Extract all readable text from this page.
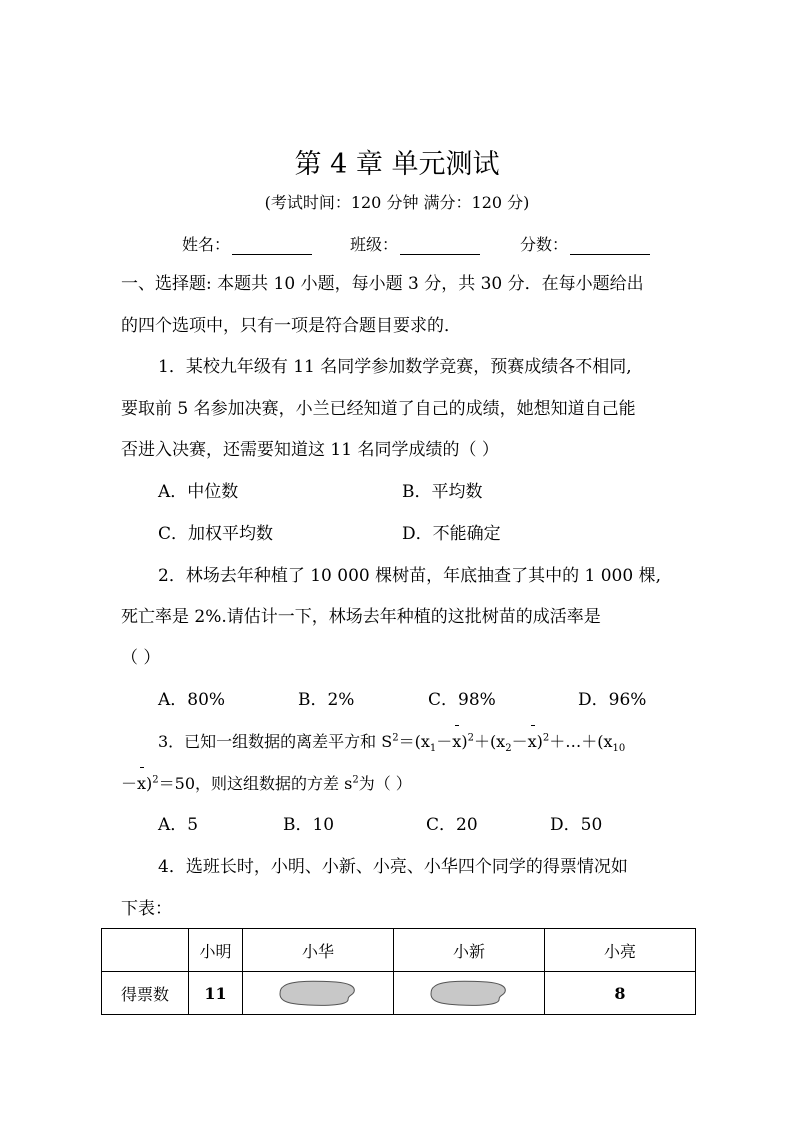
第 4 章 单元测试
(考试时间：120 分钟 满分：120 分)
姓名：	班级：	分数：
一、选择题: 本题共 10 小题，每小题 3 分，共 30 分．在每小题给出
的四个选项中，只有一项是符合题目要求的．
1．某校九年级有 11 名同学参加数学竞赛，预赛成绩各不相同,
要取前 5 名参加决赛，小兰已经知道了自己的成绩，她想知道自己能
否进入决赛，还需要知道这 11 名同学成绩的（ ）
A．中位数	B．平均数
C．加权平均数	D．不能确定
2．林场去年种植了 10 000 棵树苗，年底抽查了其中的 1 000 棵,
死亡率是 2%.请估计一下，林场去年种植的这批树苗的成活率是
（ ）
A．80%	B．2%	C．98%	D．96%
3．已知一组数据的离差平方和 $S^2=(x_1-x)^2+(x_2-x)^2+\dots+(x_{10}$
－x)$^2$＝50，则这组数据的方差 $s^2$为（ ）
A．5	B．10	C．20	D．50
4．选班长时，小明、小新、小亮、小华四个同学的得票情况如
下表：
	小明	小华	小新	小亮
得票数	11			8
